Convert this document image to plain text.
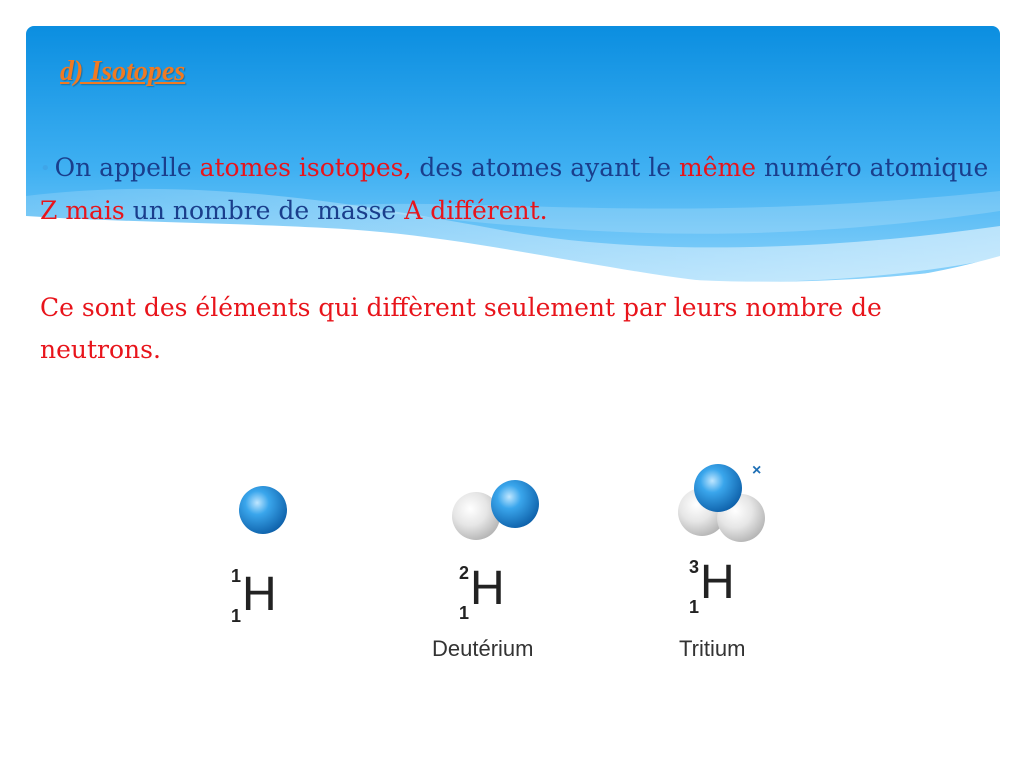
d) Isotopes

• On appelle atomes isotopes, des atomes ayant le même numéro atomique Z mais un nombre de masse A différent.

Ce sont des éléments qui diffèrent seulement par leurs nombre de neutrons.

×
1
1 H	2
1 H
Deutérium
3
1 H
Tritium
